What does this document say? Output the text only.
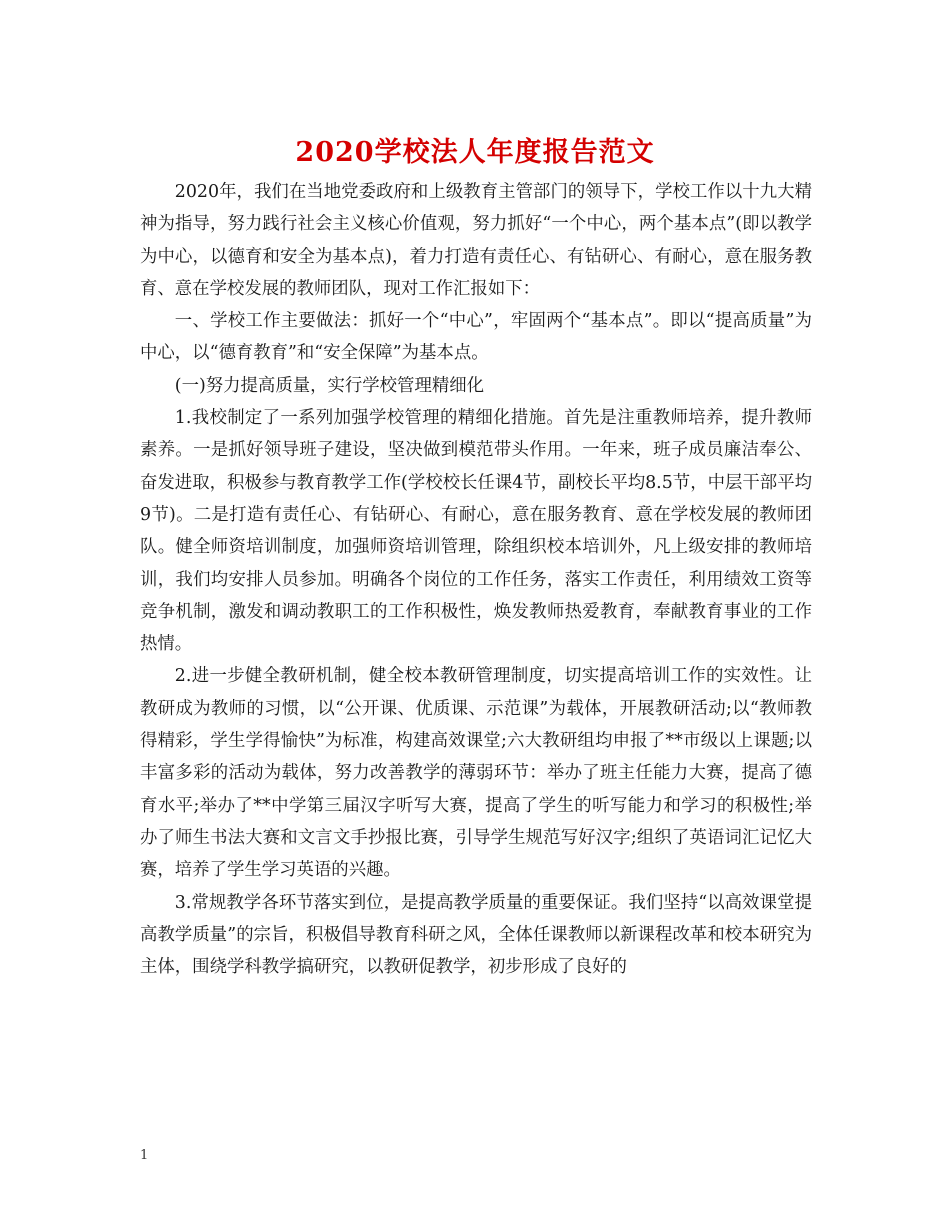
2020学校法人年度报告范文

2020年，我们在当地党委政府和上级教育主管部门的领导下，学校工作以十九大精神为指导，努力践行社会主义核心价值观，努力抓好“一个中心，两个基本点”(即以教学为中心，以德育和安全为基本点)，着力打造有责任心、有钻研心、有耐心，意在服务教育、意在学校发展的教师团队，现对工作汇报如下：

一、学校工作主要做法：抓好一个“中心”，牢固两个“基本点”。即以“提高质量”为中心，以“德育教育”和“安全保障”为基本点。

(一)努力提高质量，实行学校管理精细化

1.我校制定了一系列加强学校管理的精细化措施。首先是注重教师培养，提升教师素养。一是抓好领导班子建设，坚决做到模范带头作用。一年来，班子成员廉洁奉公、奋发进取，积极参与教育教学工作(学校校长任课4节，副校长平均8.5节，中层干部平均9节)。二是打造有责任心、有钻研心、有耐心，意在服务教育、意在学校发展的教师团队。健全师资培训制度，加强师资培训管理，除组织校本培训外，凡上级安排的教师培训，我们均安排人员参加。明确各个岗位的工作任务，落实工作责任，利用绩效工资等竞争机制，激发和调动教职工的工作积极性，焕发教师热爱教育，奉献教育事业的工作热情。

2.进一步健全教研机制，健全校本教研管理制度，切实提高培训工作的实效性。让教研成为教师的习惯，以“公开课、优质课、示范课”为载体，开展教研活动;以“教师教得精彩，学生学得愉快”为标准，构建高效课堂;六大教研组均申报了**市级以上课题;以丰富多彩的活动为载体，努力改善教学的薄弱环节：举办了班主任能力大赛，提高了德育水平;举办了**中学第三届汉字听写大赛，提高了学生的听写能力和学习的积极性;举办了师生书法大赛和文言文手抄报比赛，引导学生规范写好汉字;组织了英语词汇记忆大赛，培养了学生学习英语的兴趣。

3.常规教学各环节落实到位，是提高教学质量的重要保证。我们坚持“以高效课堂提高教学质量”的宗旨，积极倡导教育科研之风，全体任课教师以新课程改革和校本研究为主体，围绕学科教学搞研究，以教研促教学，初步形成了良好的

1
